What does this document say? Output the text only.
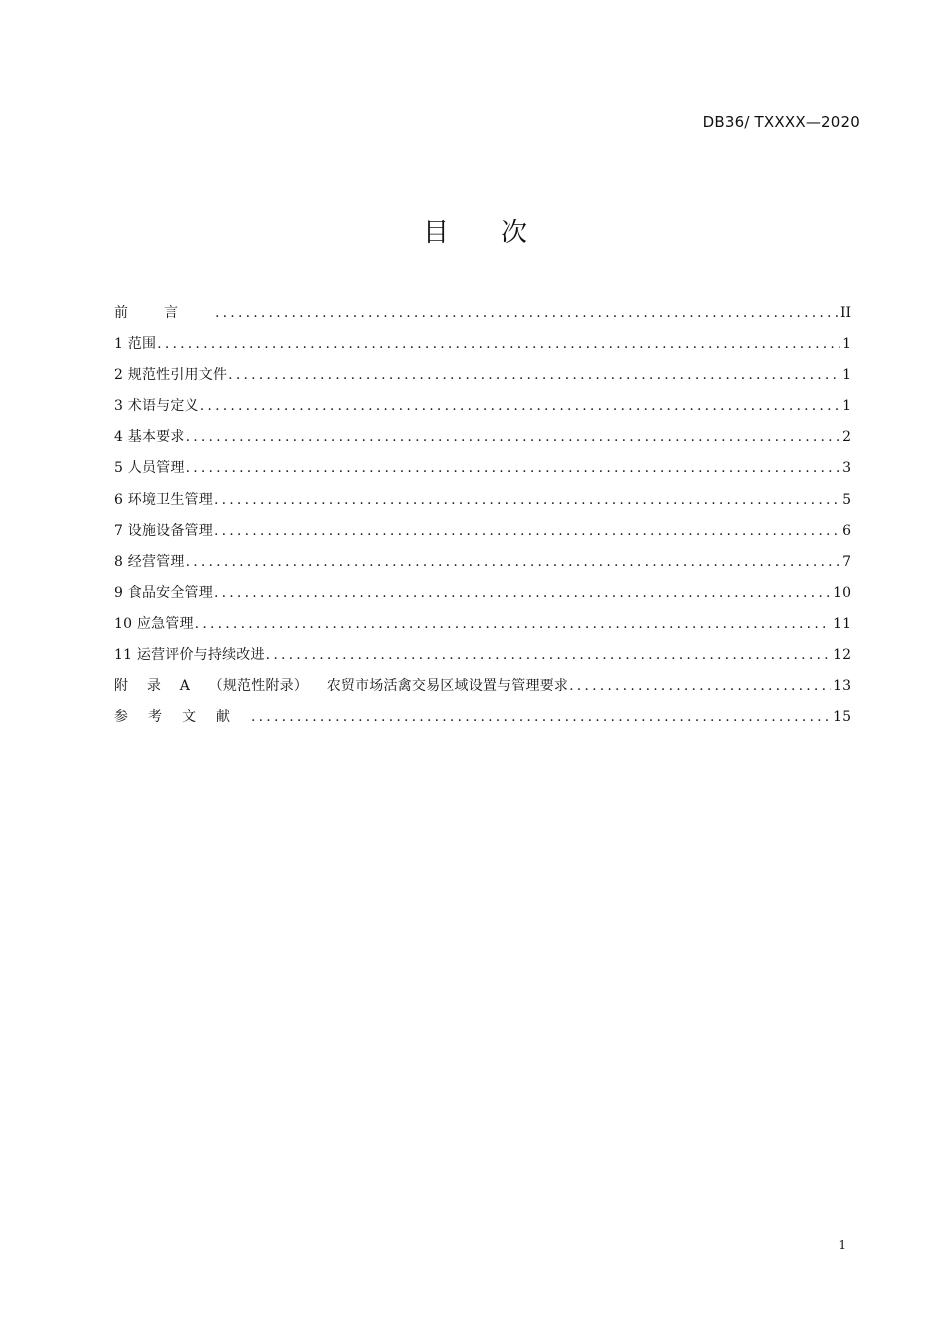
DB36/ TXXXX—2020
目 次
前言 .....	II
1 范围 .....	1
2 规范性引用文件 .....	1
3 术语与定义 .....	1
4 基本要求 .....	2
5 人员管理 .....	3
6 环境卫生管理 .....	5
7 设施设备管理 .....	6
8 经营管理 .....	7
9 食品安全管理 .....	10
10 应急管理 .....	11
11 运营评价与持续改进 .....	12
附 录 A （规范性附录） 农贸市场活禽交易区域设置与管理要求 .....	13
参考文献 .....	15
1
